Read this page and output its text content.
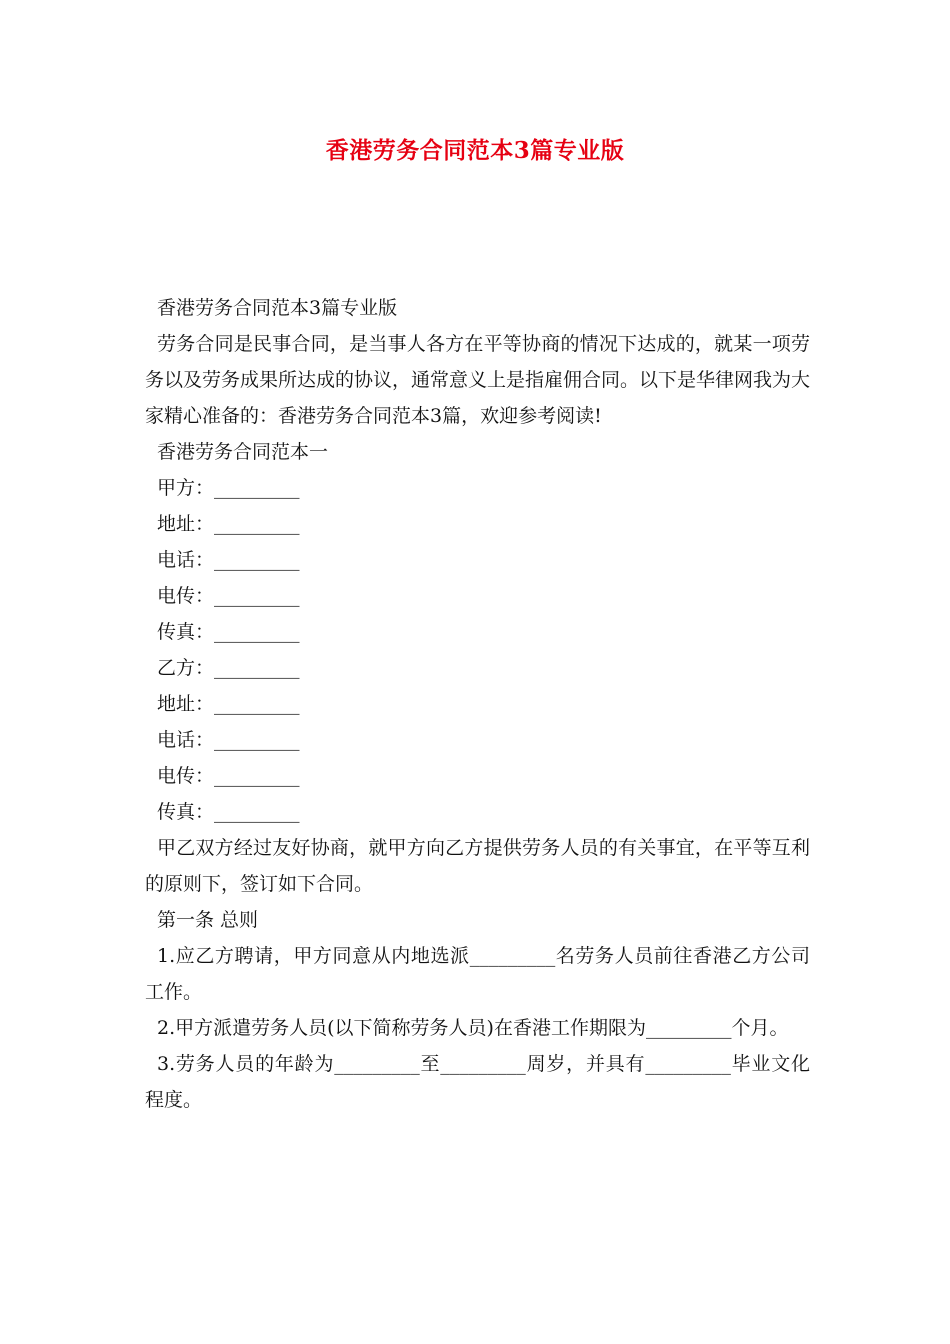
香港劳务合同范本3篇专业版

香港劳务合同范本3篇专业版

劳务合同是民事合同，是当事人各方在平等协商的情况下达成的，就某一项劳务以及劳务成果所达成的协议，通常意义上是指雇佣合同。以下是华律网我为大家精心准备的：香港劳务合同范本3篇，欢迎参考阅读!

香港劳务合同范本一

甲方：_________

地址：_________

电话：_________

电传：_________

传真：_________

乙方：_________

地址：_________

电话：_________

电传：_________

传真：_________

甲乙双方经过友好协商，就甲方向乙方提供劳务人员的有关事宜，在平等互利的原则下，签订如下合同。

第一条 总则

1.应乙方聘请，甲方同意从内地选派_________名劳务人员前往香港乙方公司工作。

2.甲方派遣劳务人员(以下简称劳务人员)在香港工作期限为_________个月。

3.劳务人员的年龄为_________至_________周岁，并具有_________毕业文化程度。
